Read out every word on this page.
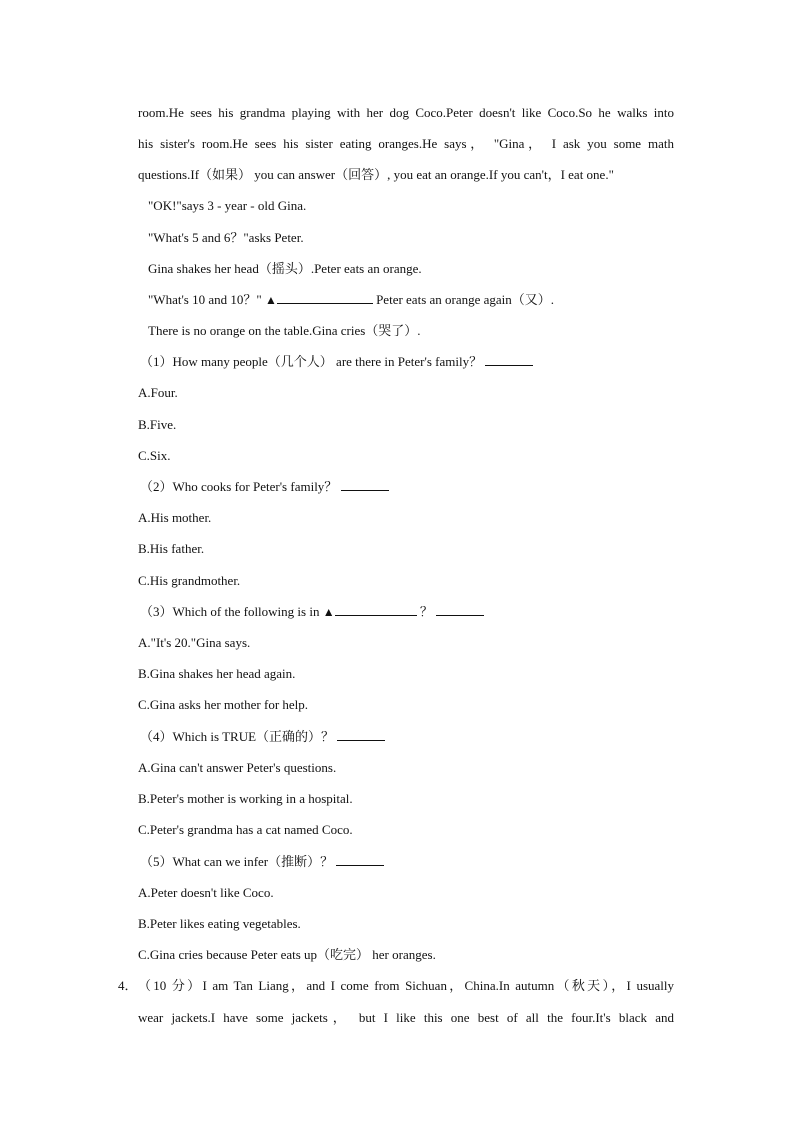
room.He sees his grandma playing with her dog Coco.Peter doesn't like Coco.So he walks into
his sister's room.He sees his sister eating oranges.He says， "Gina， I ask you some math
questions.If（如果） you can answer（回答）, you eat an orange.If you can't，I eat one."
"OK!"says 3 - year - old Gina.
"What's 5 and 6？"asks Peter.
Gina shakes her head（摇头）.Peter eats an orange.
"What's 10 and 10？" ▲	Peter eats an orange again（又）.
There is no orange on the table.Gina cries（哭了）.
（1）How many people（几个人） are there in Peter's family？
A.Four.
B.Five.
C.Six.
（2）Who cooks for Peter's family？
A.His mother.
B.His father.
C.His grandmother.
（3）Which of the following is in ▲	？
A."It's 20."Gina says.
B.Gina shakes her head again.
C.Gina asks her mother for help.
（4）Which is TRUE（正确的）？
A.Gina can't answer Peter's questions.
B.Peter's mother is working in a hospital.
C.Peter's grandma has a cat named Coco.
（5）What can we infer（推断）？
A.Peter doesn't like Coco.
B.Peter likes eating vegetables.
C.Gina cries because Peter eats up（吃完） her oranges.
4． （10 分）I am Tan Liang，and I come from Sichuan，China.In autumn（秋天），I usually
wear jackets.I have some jackets， but I like this one best of all the four.It's black and
